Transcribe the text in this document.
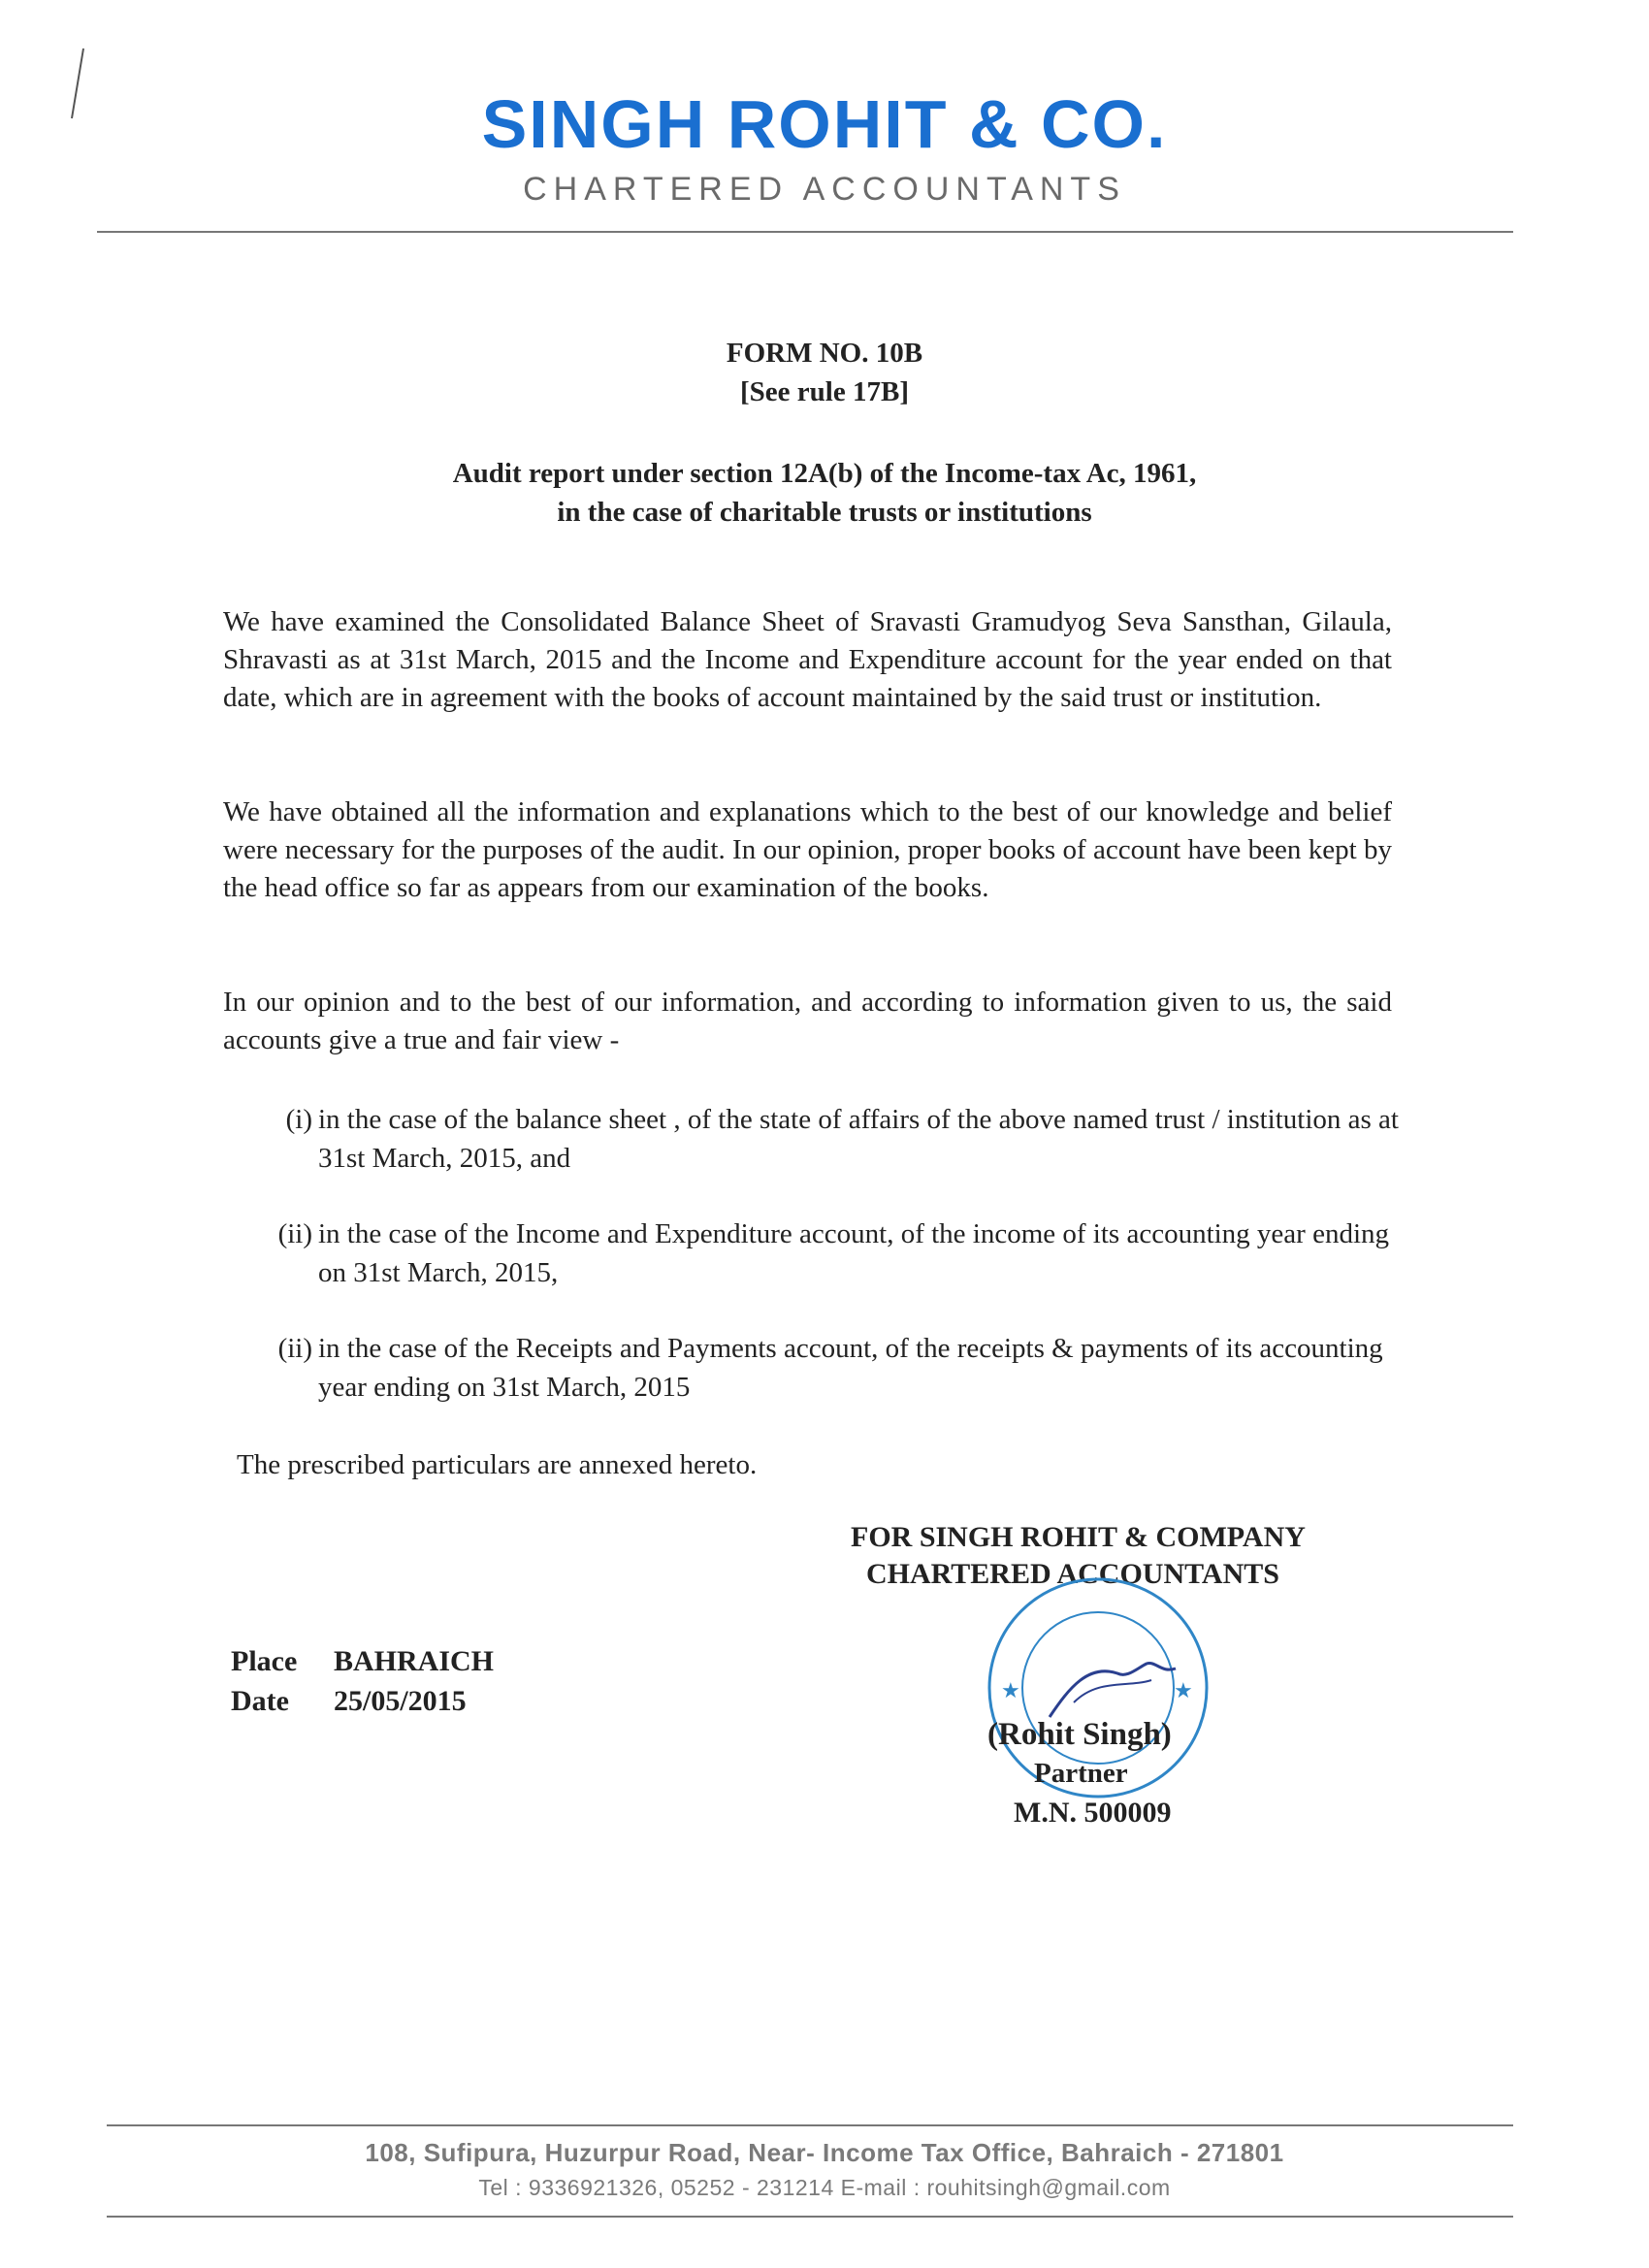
SINGH ROHIT & CO.
CHARTERED ACCOUNTANTS
FORM NO. 10B
[See rule 17B]
Audit report under section 12A(b) of the Income-tax Ac, 1961,
in the case of charitable trusts or institutions
We have examined the Consolidated Balance Sheet of Sravasti Gramudyog Seva Sansthan, Gilaula, Shravasti as at 31st March, 2015 and the Income and Expenditure account for the year ended on that date, which are in agreement with the books of account maintained by the said trust or institution.
We have obtained all the information and explanations which to the best of our knowledge and belief were necessary for the purposes of the audit. In our opinion, proper books of account have been kept by the head office so far as appears from our examination of the books.
In our opinion and to the best of our information, and according to information given to us, the said accounts give a true and fair view -
(i) in the case of the balance sheet , of the state of affairs of the above named trust / institution as at 31st March, 2015, and
(ii) in the case of the Income and Expenditure account, of the income of its accounting year ending on 31st March, 2015,
(ii) in the case of the Receipts and Payments account, of the receipts & payments of its accounting year ending on 31st March, 2015
The prescribed particulars are annexed hereto.
FOR SINGH ROHIT & COMPANY
CHARTERED ACCOUNTANTS
Place BAHRAICH
Date 25/05/2015	★	★
(Rohit Singh)
Partner
M.N. 500009
108, Sufipura, Huzurpur Road, Near- Income Tax Office, Bahraich - 271801
Tel : 9336921326, 05252 - 231214 E-mail : rouhitsingh@gmail.com
